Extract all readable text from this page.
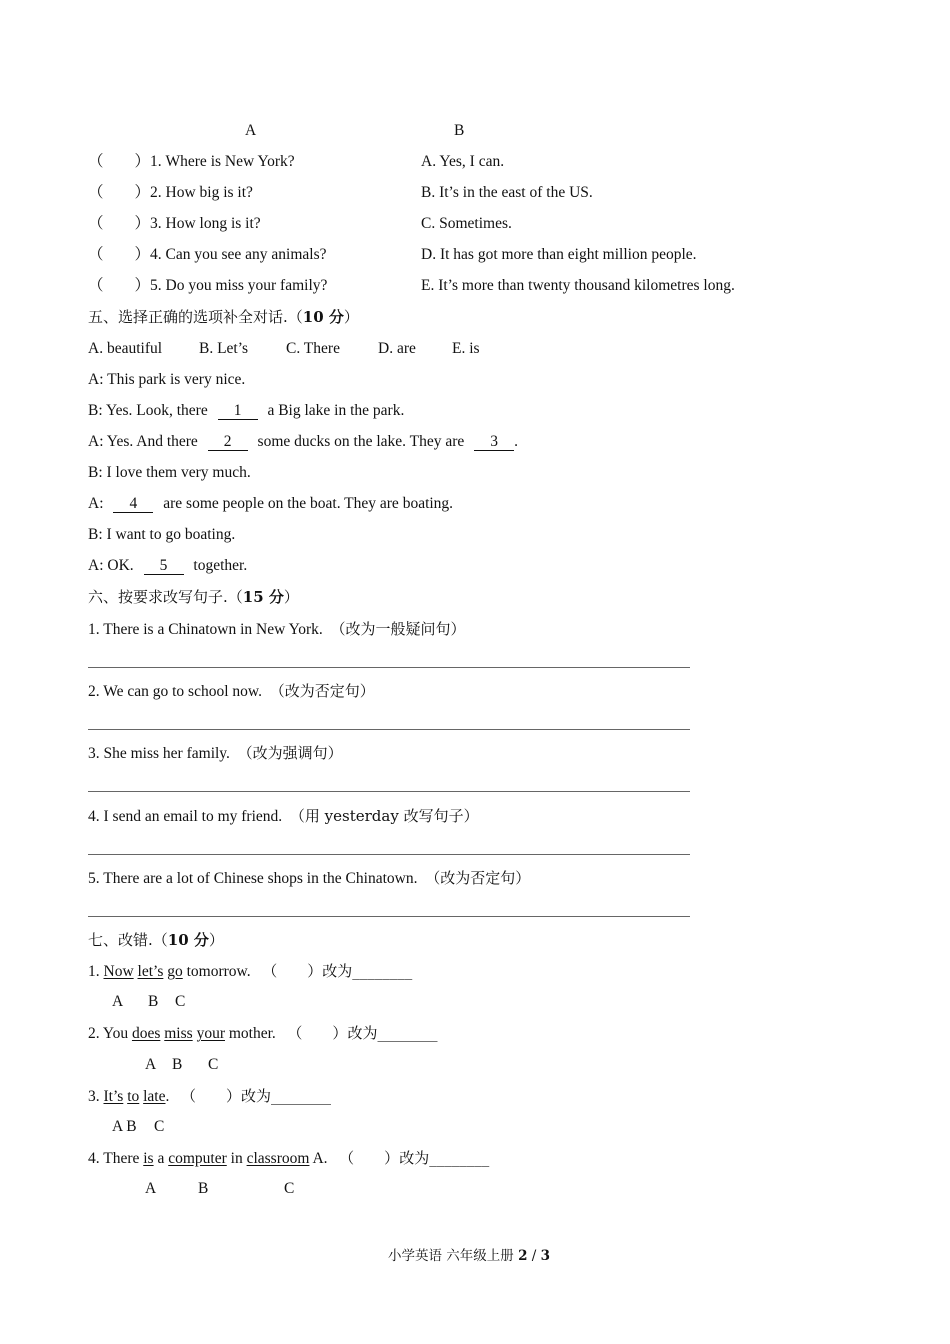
A	B
（　　）1. Where is New York?	A. Yes, I can.
（　　）2. How big is it?	B. It’s in the east of the US.
（　　）3. How long is it?	C. Sometimes.
（　　）4. Can you see any animals?	D. It has got more than eight million people.
（　　）5. Do you miss your family?	E. It’s more than twenty thousand kilometres long.
五、选择正确的选项补全对话.（10 分）
A. beautiful B. Let’s C. There D. are E. is
A: This park is very nice.
B: Yes. Look, there 1 a Big lake in the park.
A: Yes. And there 2 some ducks on the lake. They are 3 .
B: I love them very much.
A: 4 are some people on the boat. They are boating.
B: I want to go boating.
A: OK. 5 together.
六、按要求改写句子.（15 分）
1. There is a Chinatown in New York. （改为一般疑问句）
2. We can go to school now. （改为否定句）
3. She miss her family. （改为强调句）
4. I send an email to my friend. （用 yesterday 改写句子）
5. There are a lot of Chinese shops in the Chinatown. （改为否定句）
七、改错.（10 分）
1. Now let’s go tomorrow. （　　）改为________
A B C
2. You does miss your mother. （　　）改为________
A B C
3. It’s to late. （　　）改为________
A B C
4. There is a computer in classroom A. （　　）改为________
A	B	C
小学英语 六年级上册 2 / 3
